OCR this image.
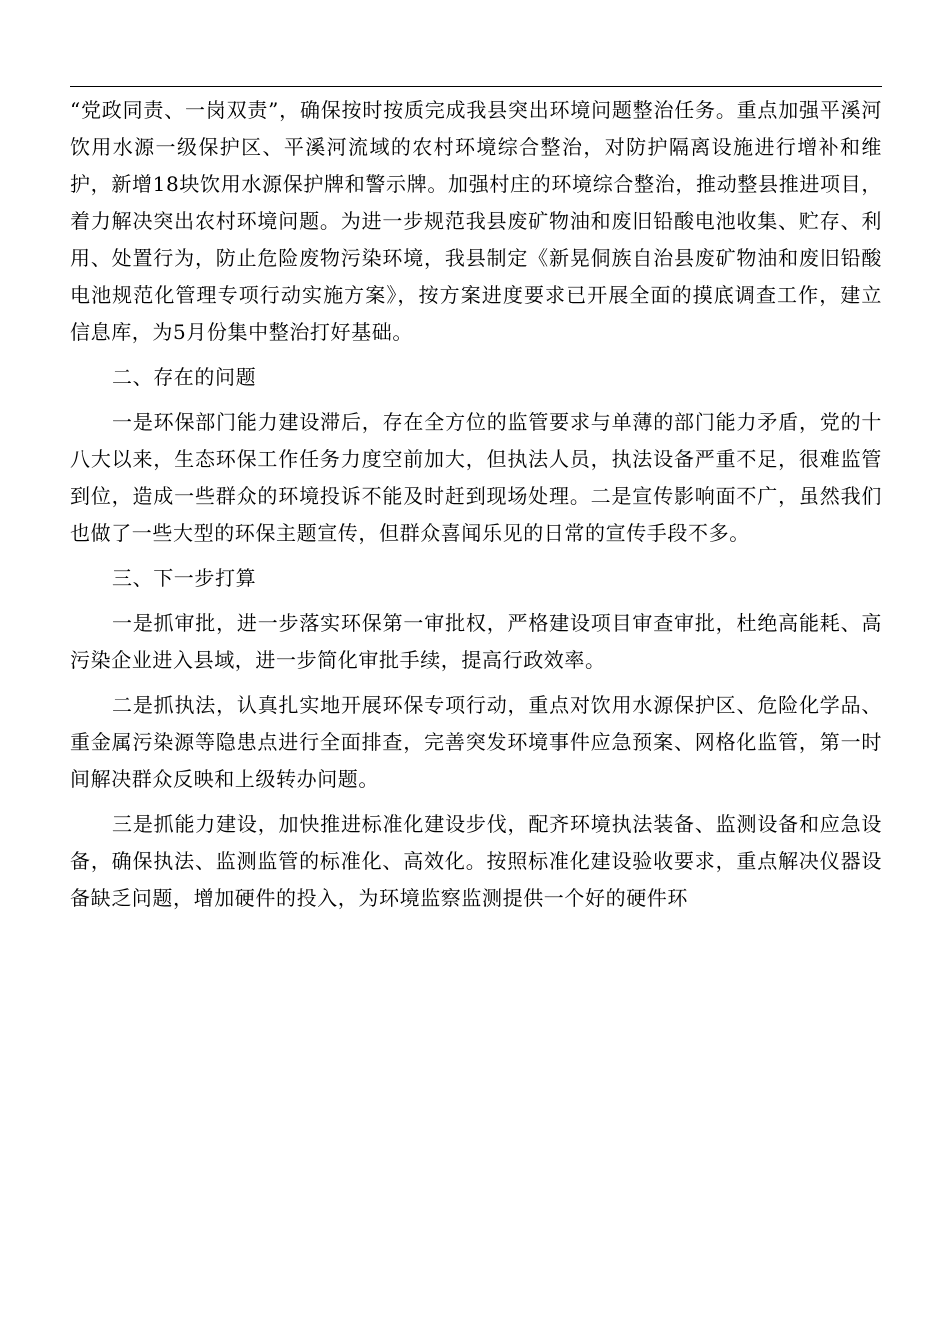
“党政同责、一岗双责”，确保按时按质完成我县突出环境问题整治任务。重点加强平溪河饮用水源一级保护区、平溪河流域的农村环境综合整治，对防护隔离设施进行增补和维护，新增18块饮用水源保护牌和警示牌。加强村庄的环境综合整治，推动整县推进项目，着力解决突出农村环境问题。为进一步规范我县废矿物油和废旧铅酸电池收集、贮存、利用、处置行为，防止危险废物污染环境，我县制定《新晃侗族自治县废矿物油和废旧铅酸电池规范化管理专项行动实施方案》，按方案进度要求已开展全面的摸底调查工作，建立信息库，为5月份集中整治打好基础。

二、存在的问题

一是环保部门能力建设滞后，存在全方位的监管要求与单薄的部门能力矛盾，党的十八大以来，生态环保工作任务力度空前加大，但执法人员，执法设备严重不足，很难监管到位，造成一些群众的环境投诉不能及时赶到现场处理。二是宣传影响面不广，虽然我们也做了一些大型的环保主题宣传，但群众喜闻乐见的日常的宣传手段不多。

三、下一步打算

一是抓审批，进一步落实环保第一审批权，严格建设项目审查审批，杜绝高能耗、高污染企业进入县域，进一步简化审批手续，提高行政效率。

二是抓执法，认真扎实地开展环保专项行动，重点对饮用水源保护区、危险化学品、重金属污染源等隐患点进行全面排查，完善突发环境事件应急预案、网格化监管，第一时间解决群众反映和上级转办问题。

三是抓能力建设，加快推进标准化建设步伐，配齐环境执法装备、监测设备和应急设备，确保执法、监测监管的标准化、高效化。按照标准化建设验收要求，重点解决仪器设备缺乏问题，增加硬件的投入，为环境监察监测提供一个好的硬件环
